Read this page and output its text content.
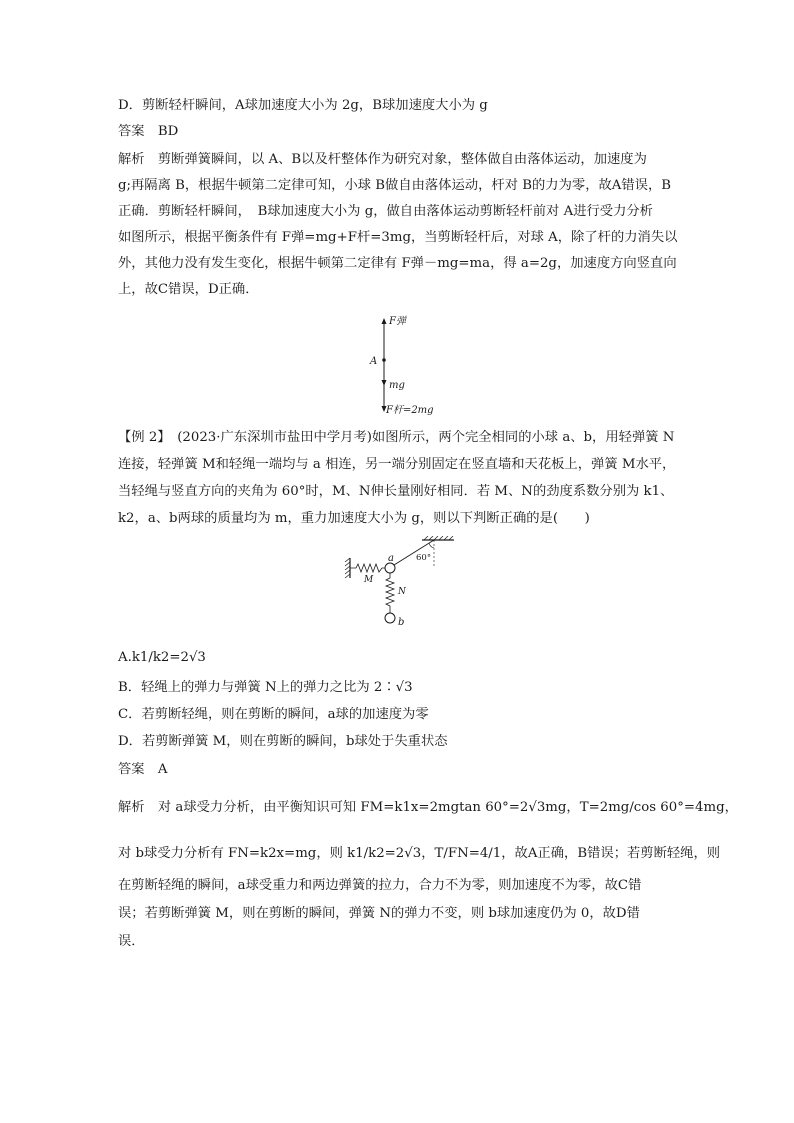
D．剪断轻杆瞬间，A球加速度大小为 2g，B球加速度大小为 g
答案　BD
解析　剪断弹簧瞬间，以 A、B以及杆整体作为研究对象，整体做自由落体运动，加速度为
g;再隔离 B，根据牛顿第二定律可知，小球 B做自由落体运动，杆对 B的力为零，故A错误，B
正确．剪断轻杆瞬间，　B球加速度大小为 g，做自由落体运动剪断轻杆前对 A进行受力分析
如图所示，根据平衡条件有 F弹=mg+F杆=3mg，当剪断轻杆后，对球 A，除了杆的力消失以
外，其他力没有发生变化，根据牛顿第二定律有 F弹－mg=ma，得 a=2g，加速度方向竖直向
上，故C错误，D正确．
F弹
A
mg
F杆=2mg
【例 2】　(2023·广东深圳市盐田中学月考)如图所示，两个完全相同的小球 a、b，用轻弹簧 N
连接，轻弹簧 M和轻绳一端均与 a 相连，另一端分别固定在竖直墙和天花板上，弹簧 M水平，
当轻绳与竖直方向的夹角为 60°时，M、N伸长量刚好相同．若 M、N的劲度系数分别为 k1、
k2，a、b两球的质量均为 m，重力加速度大小为 g，则以下判断正确的是(　　)
60°
a
b
M
N
A.k1/k2=2√3
B．轻绳上的弹力与弹簧 N上的弹力之比为 2∶√3
C．若剪断轻绳，则在剪断的瞬间，a球的加速度为零
D．若剪断弹簧 M，则在剪断的瞬间，b球处于失重状态
答案　A
解析　对 a球受力分析，由平衡知识可知 FM=k1x=2mgtan 60°=2√3mg，T=2mg/cos 60°=4mg，
对 b球受力分析有 FN=k2x=mg，则 k1/k2=2√3，T/FN=4/1，故A正确，B错误；若剪断轻绳，则
在剪断轻绳的瞬间，a球受重力和两边弹簧的拉力，合力不为零，则加速度不为零，故C错
误；若剪断弹簧 M，则在剪断的瞬间，弹簧 N的弹力不变，则 b球加速度仍为 0，故D错
误．
